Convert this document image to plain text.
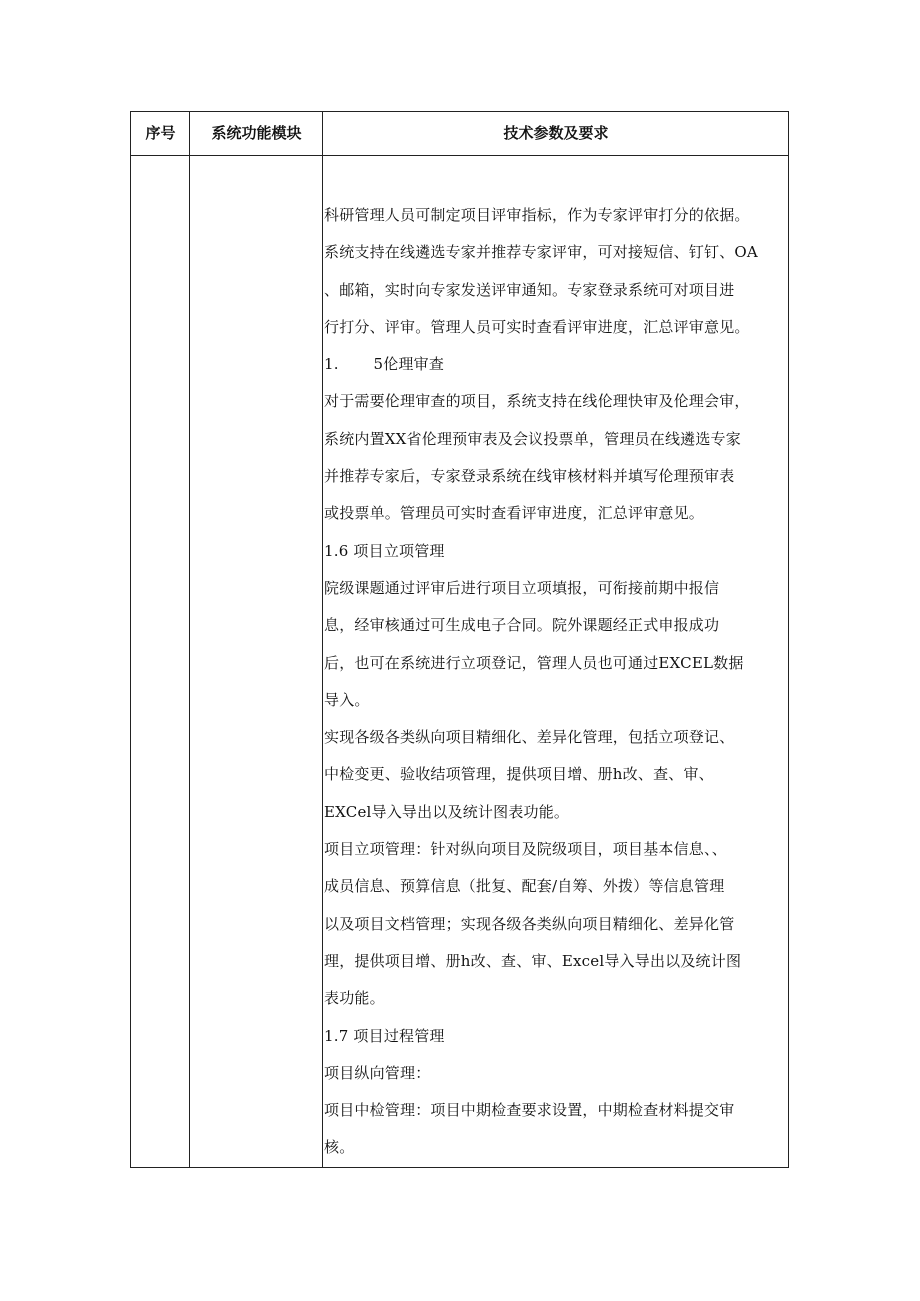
序号	系统功能模块	技术参数及要求

科研管理人员可制定项目评审指标，作为专家评审打分的依据。

系统支持在线遴选专家并推荐专家评审，可对接短信、钉钉、OA

、邮箱，实时向专家发送评审通知。专家登录系统可对项目进

行打分、评审。管理人员可实时查看评审进度，汇总评审意见。

1.       5伦理审查

对于需要伦理审查的项目，系统支持在线伦理快审及伦理会审，

系统内置XX省伦理预审表及会议投票单，管理员在线遴选专家

并推荐专家后，专家登录系统在线审核材料并填写伦理预审表

或投票单。管理员可实时查看评审进度，汇总评审意见。

1.6 项目立项管理

院级课题通过评审后进行项目立项填报，可衔接前期中报信

息，经审核通过可生成电子合同。院外课题经正式申报成功

后，也可在系统进行立项登记，管理人员也可通过EXCEL数据

导入。

实现各级各类纵向项目精细化、差异化管理，包括立项登记、

中检变更、验收结项管理，提供项目增、册h改、查、审、

EXCel导入导出以及统计图表功能。

项目立项管理：针对纵向项目及院级项目，项目基本信息、、

成员信息、预算信息（批复、配套/自筹、外拨）等信息管理

以及项目文档管理；实现各级各类纵向项目精细化、差异化管

理，提供项目增、册h改、查、审、Excel导入导出以及统计图

表功能。

1.7 项目过程管理

项目纵向管理：

项目中检管理：项目中期检查要求设置，中期检查材料提交审

核。
